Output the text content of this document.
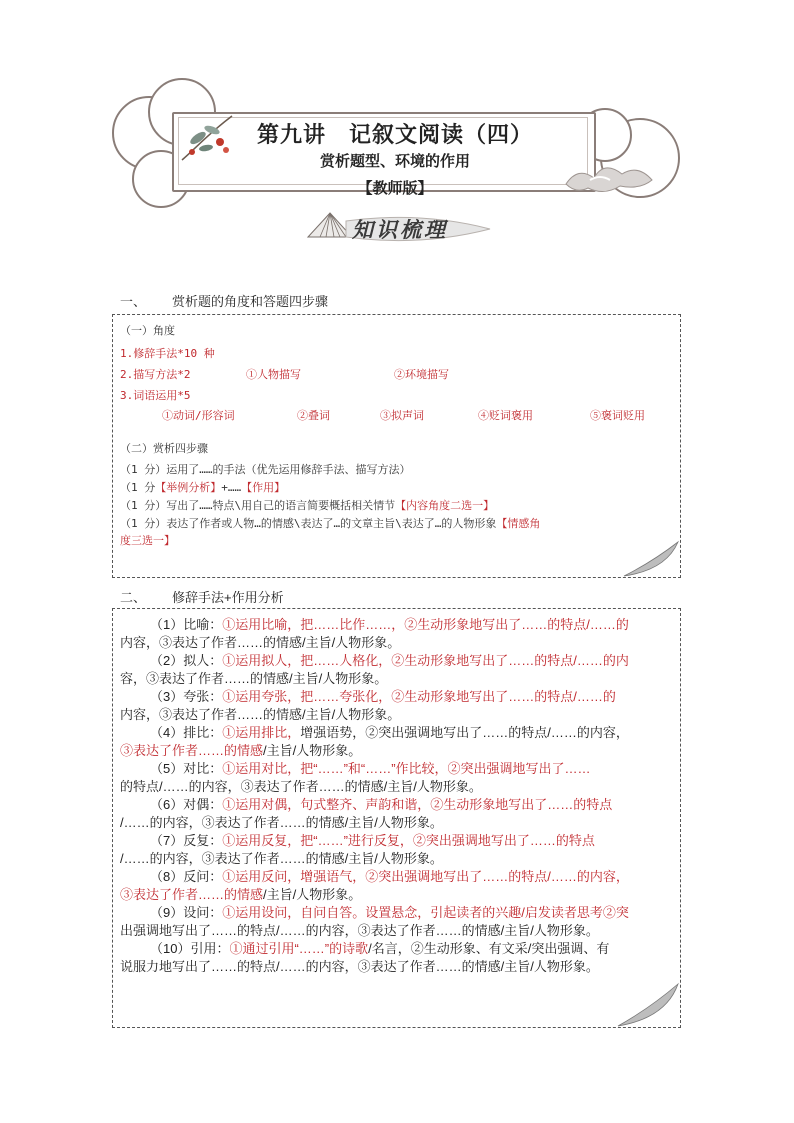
第九讲　记叙文阅读（四）
赏析题型、环境的作用
【教师版】
知识梳理
一、 赏析题的角度和答题四步骤
（一）角度
1.修辞手法*10 种
2.描写方法*2	①人物描写	②环境描写
3.词语运用*5
①动词/形容词	②叠词	③拟声词	④贬词褒用	⑤褒词贬用
（二）赏析四步骤
（1 分）运用了……的手法（优先运用修辞手法、描写方法）
（1 分【举例分析】+……【作用】
（1 分）写出了……特点\用自己的语言简要概括相关情节【内容角度二选一】
（1 分）表达了作者或人物…的情感\表达了…的文章主旨\表达了…的人物形象【情感角
度三选一】
二、 修辞手法+作用分析
（1）比喻：①运用比喻，把……比作……，②生动形象地写出了……的特点/……的
内容，③表达了作者……的情感/主旨/人物形象。
（2）拟人：①运用拟人，把……人格化，②生动形象地写出了……的特点/……的内
容，③表达了作者……的情感/主旨/人物形象。
（3）夸张：①运用夸张，把……夸张化，②生动形象地写出了……的特点/……的
内容，③表达了作者……的情感/主旨/人物形象。
（4）排比：①运用排比，增强语势，②突出强调地写出了……的特点/……的内容，
③表达了作者……的情感/主旨/人物形象。
（5）对比：①运用对比，把“……”和“……”作比较，②突出强调地写出了……
的特点/……的内容，③表达了作者……的情感/主旨/人物形象。
（6）对偶：①运用对偶，句式整齐、声韵和谐，②生动形象地写出了……的特点
/……的内容，③表达了作者……的情感/主旨/人物形象。
（7）反复：①运用反复，把“……”进行反复，②突出强调地写出了……的特点
/……的内容，③表达了作者……的情感/主旨/人物形象。
（8）反问：①运用反问，增强语气，②突出强调地写出了……的特点/……的内容，
③表达了作者……的情感/主旨/人物形象。
（9）设问：①运用设问，自问自答。设置悬念，引起读者的兴趣/启发读者思考②突
出强调地写出了……的特点/……的内容，③表达了作者……的情感/主旨/人物形象。
（10）引用：①通过引用“……”的诗歌/名言，②生动形象、有文采/突出强调、有
说服力地写出了……的特点/……的内容，③表达了作者……的情感/主旨/人物形象。
